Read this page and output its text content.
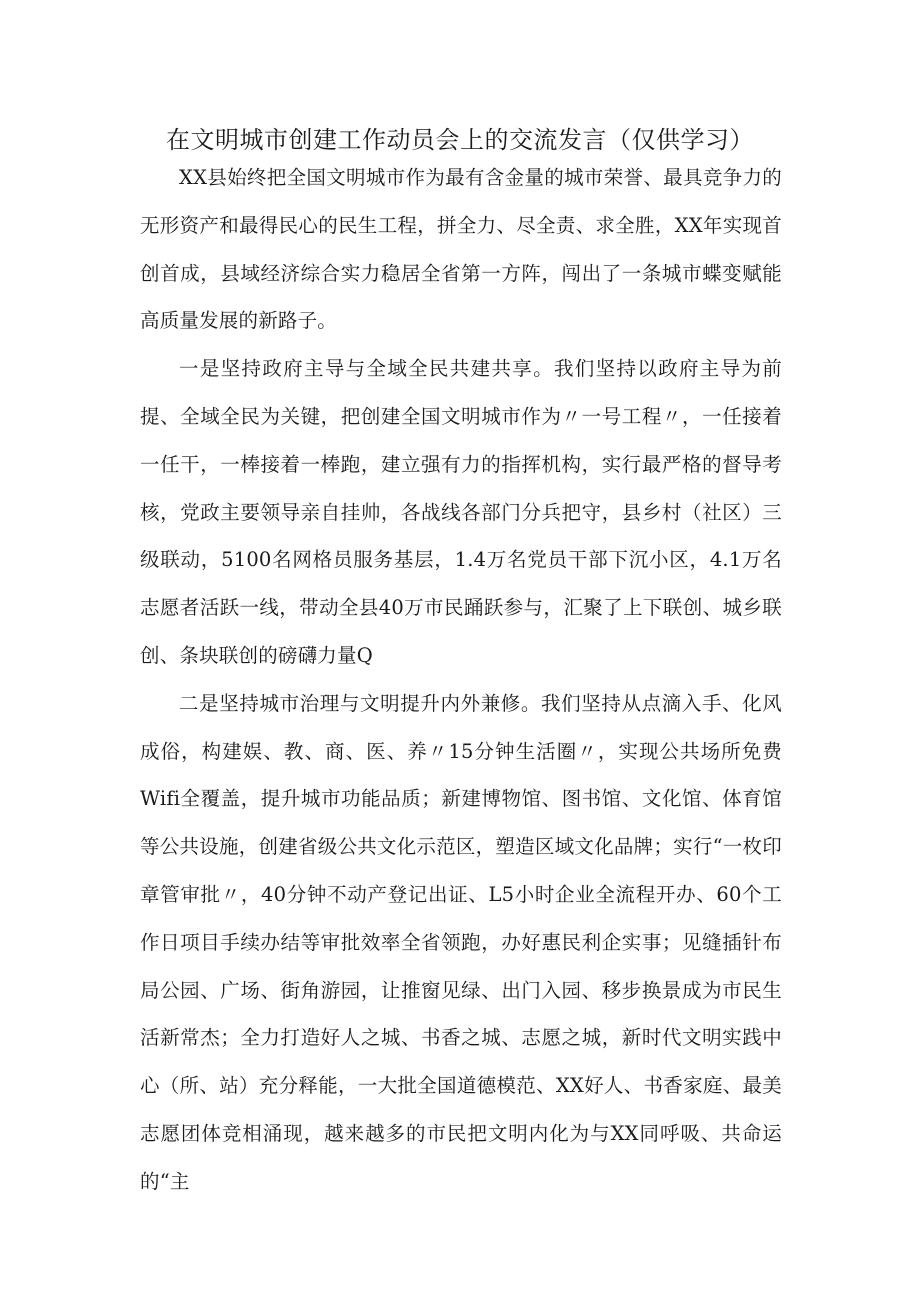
在文明城市创建工作动员会上的交流发言（仅供学习）

XX县始终把全国文明城市作为最有含金量的城市荣誉、最具竞争力的无形资产和最得民心的民生工程，拼全力、尽全责、求全胜，XX年实现首创首成，县域经济综合实力稳居全省第一方阵，闯出了一条城市蝶变赋能高质量发展的新路子。

一是坚持政府主导与全域全民共建共享。我们坚持以政府主导为前提、全域全民为关键，把创建全国文明城市作为〃一号工程〃，一任接着一任干，一棒接着一棒跑，建立强有力的指挥机构，实行最严格的督导考核，党政主要领导亲自挂帅，各战线各部门分兵把守，县乡村（社区）三级联动，5100名网格员服务基层，1.4万名党员干部下沉小区，4.1万名志愿者活跃一线，带动全县40万市民踊跃参与，汇聚了上下联创、城乡联创、条块联创的磅礴力量Q

二是坚持城市治理与文明提升内外兼修。我们坚持从点滴入手、化风成俗，构建娱、教、商、医、养〃15分钟生活圈〃，实现公共场所免费Wifi全覆盖，提升城市功能品质；新建博物馆、图书馆、文化馆、体育馆等公共设施，创建省级公共文化示范区，塑造区域文化品牌；实行“一枚印章管审批〃，40分钟不动产登记出证、L5小时企业全流程开办、60个工作日项目手续办结等审批效率全省领跑，办好惠民利企实事；见缝插针布局公园、广场、街角游园，让推窗见绿、出门入园、移步换景成为市民生活新常杰；全力打造好人之城、书香之城、志愿之城，新时代文明实践中心（所、站）充分释能，一大批全国道德模范、XX好人、书香家庭、最美志愿团体竞相涌现，越来越多的市民把文明内化为与XX同呼吸、共命运的“主
